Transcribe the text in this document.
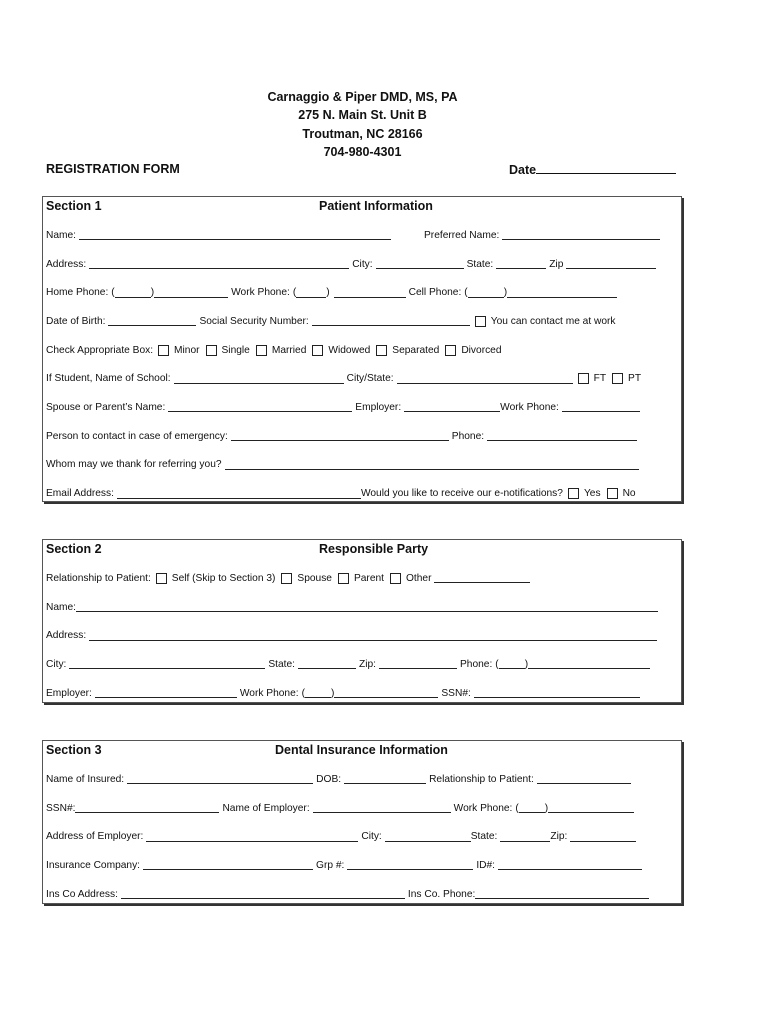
Carnaggio & Piper DMD, MS, PA
275 N. Main St. Unit B
Troutman, NC 28166
704-980-4301
REGISTRATION FORM	Date
Section 1	Patient Information
Name:	Preferred Name:
Address:	City:	State:	Zip
Home Phone: (	)	Work Phone: (	)	Cell Phone: (	)
Date of Birth:	Social Security Number:	You can contact me at work
Check Appropriate Box: Minor Single Married Widowed Separated Divorced
If Student, Name of School:	City/State:	FT PT
Spouse or Parent’s Name:	Employer:	Work Phone:
Person to contact in case of emergency:	Phone:
Whom may we thank for referring you?
Email Address:	Would you like to receive our e-notifications? Yes No
Section 2	Responsible Party
Relationship to Patient: Self (Skip to Section 3) Spouse Parent Other
Name:
Address:
City:	State:	Zip:	Phone: (	)
Employer:	Work Phone: (	)	SSN#:
Section 3	Dental Insurance Information
Name of Insured:	DOB:	Relationship to Patient:
SSN#:	Name of Employer:	Work Phone: (	)
Address of Employer:	City:	State:	Zip:
Insurance Company:	Grp #:	ID#:
Ins Co Address:	Ins Co. Phone:
